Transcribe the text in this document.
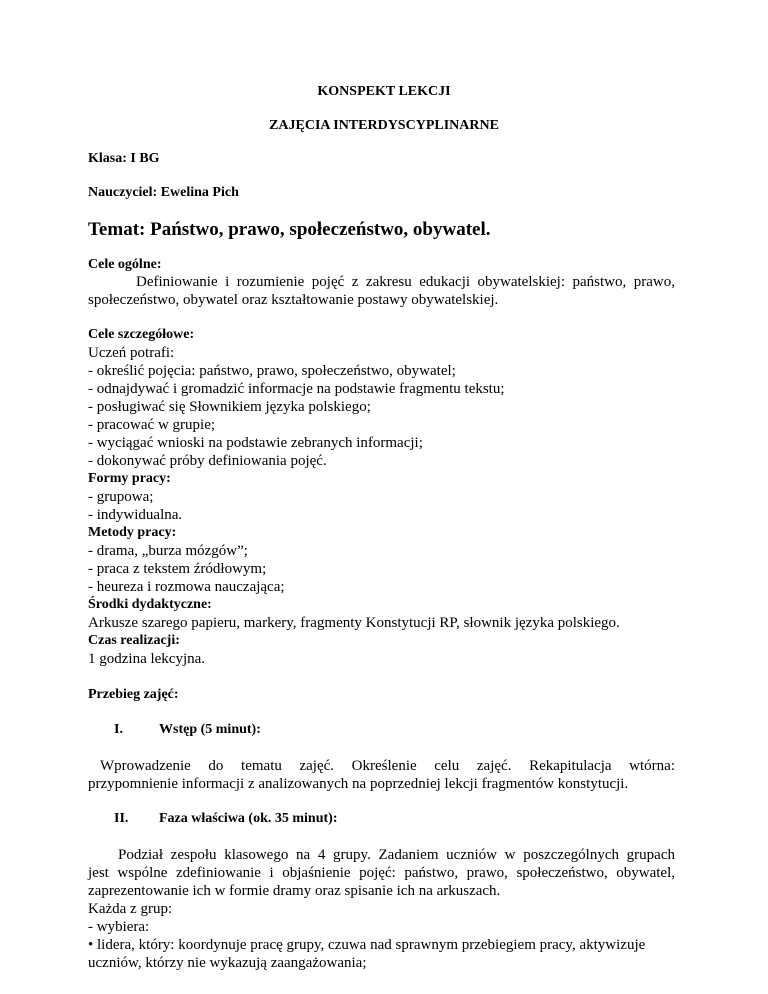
KONSPEKT LEKCJI
ZAJĘCIA INTERDYSCYPLINARNE
Klasa: I BG
Nauczyciel: Ewelina Pich
Temat: Państwo, prawo, społeczeństwo, obywatel.
Cele ogólne:
Definiowanie i rozumienie pojęć z zakresu edukacji obywatelskiej: państwo, prawo,
społeczeństwo, obywatel oraz kształtowanie postawy obywatelskiej.
Cele szczegółowe:
Uczeń potrafi:
- określić pojęcia: państwo, prawo, społeczeństwo, obywatel;
- odnajdywać i gromadzić informacje na podstawie fragmentu tekstu;
- posługiwać się Słownikiem języka polskiego;
- pracować w grupie;
- wyciągać wnioski na podstawie zebranych informacji;
- dokonywać próby definiowania pojęć.
Formy pracy:
- grupowa;
- indywidualna.
Metody pracy:
- drama, „burza mózgów”;
- praca z tekstem źródłowym;
- heureza i rozmowa nauczająca;
Środki dydaktyczne:
Arkusze szarego papieru, markery, fragmenty Konstytucji RP, słownik języka polskiego.
Czas realizacji:
1 godzina lekcyjna.
Przebieg zajęć:
I.	Wstęp (5 minut):
Wprowadzenie do tematu zajęć. Określenie celu zajęć. Rekapitulacja wtórna:
przypomnienie informacji z analizowanych na poprzedniej lekcji fragmentów konstytucji.
II. Faza właściwa (ok. 35 minut):
Podział zespołu klasowego na 4 grupy. Zadaniem uczniów w poszczególnych grupach
jest wspólne zdefiniowanie i objaśnienie pojęć: państwo, prawo, społeczeństwo, obywatel,
zaprezentowanie ich w formie dramy oraz spisanie ich na arkuszach.
Każda z grup:
- wybiera:
• lidera, który: koordynuje pracę grupy, czuwa nad sprawnym przebiegiem pracy, aktywizuje
uczniów, którzy nie wykazują zaangażowania;
